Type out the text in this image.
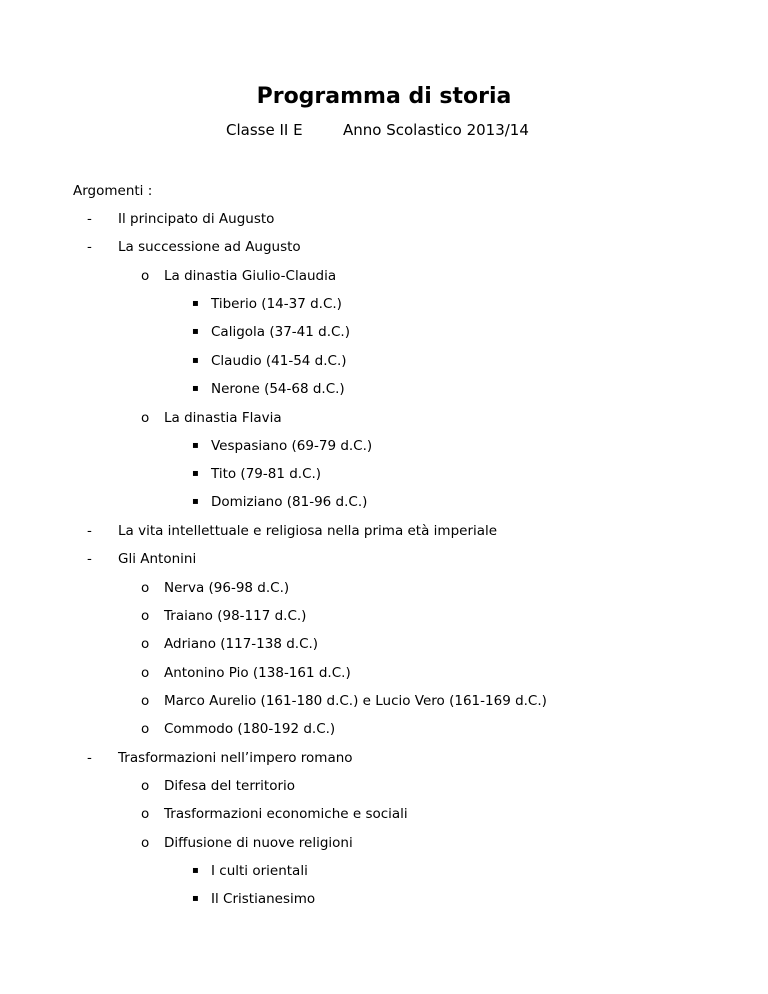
Programma di storia
Classe II E	Anno Scolastico 2013/14
Argomenti :
- Il principato di Augusto
- La successione ad Augusto
o La dinastia Giulio-Claudia
▪ Tiberio (14-37 d.C.)
▪ Caligola (37-41 d.C.)
▪ Claudio (41-54 d.C.)
▪ Nerone (54-68 d.C.)
o La dinastia Flavia
▪ Vespasiano (69-79 d.C.)
▪ Tito (79-81 d.C.)
▪ Domiziano (81-96 d.C.)
- La vita intellettuale e religiosa nella prima età imperiale
- Gli Antonini
o Nerva (96-98 d.C.)
o Traiano (98-117 d.C.)
o Adriano (117-138 d.C.)
o Antonino Pio (138-161 d.C.)
o Marco Aurelio (161-180 d.C.) e Lucio Vero (161-169 d.C.)
o Commodo (180-192 d.C.)
- Trasformazioni nell’impero romano
o Difesa del territorio
o Trasformazioni economiche e sociali
o Diffusione di nuove religioni
▪ I culti orientali
▪ Il Cristianesimo
